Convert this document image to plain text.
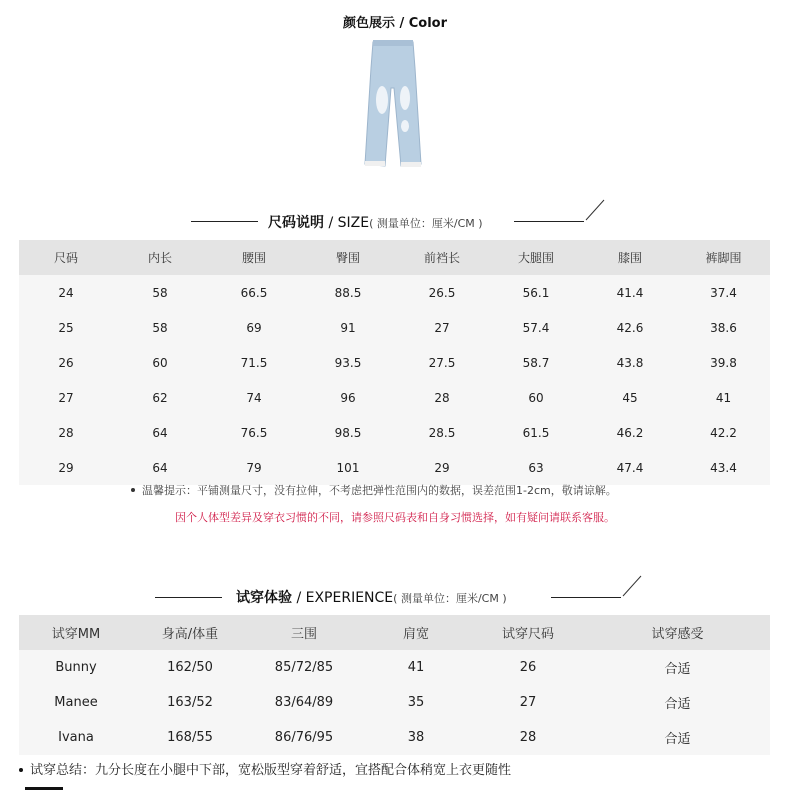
颜色展示 / Color
尺码说明 / SIZE( 测量单位：厘米/CM )
尺码	内长	腰围	臀围	前裆长	大腿围	膝围	裤脚围
24	58	66.5	88.5	26.5	56.1	41.4	37.4
25	58	69	91	27	57.4	42.6	38.6
26	60	71.5	93.5	27.5	58.7	43.8	39.8
27	62	74	96	28	60	45	41
28	64	76.5	98.5	28.5	61.5	46.2	42.2
29	64	79	101	29	63	47.4	43.4
温馨提示：平铺测量尺寸，没有拉伸，不考虑把弹性范围内的数据，误差范围1-2cm，敬请谅解。
因个人体型差异及穿衣习惯的不同，请参照尺码表和自身习惯选择，如有疑问请联系客服。
试穿体验 / EXPERIENCE( 测量单位：厘米/CM )
试穿MM	身高/体重	三围	肩宽	试穿尺码	试穿感受
Bunny	162/50	85/72/85	41	26	合适
Manee	163/52	83/64/89	35	27	合适
Ivana	168/55	86/76/95	38	28	合适
试穿总结：九分长度在小腿中下部，宽松版型穿着舒适，宜搭配合体稍宽上衣更随性
